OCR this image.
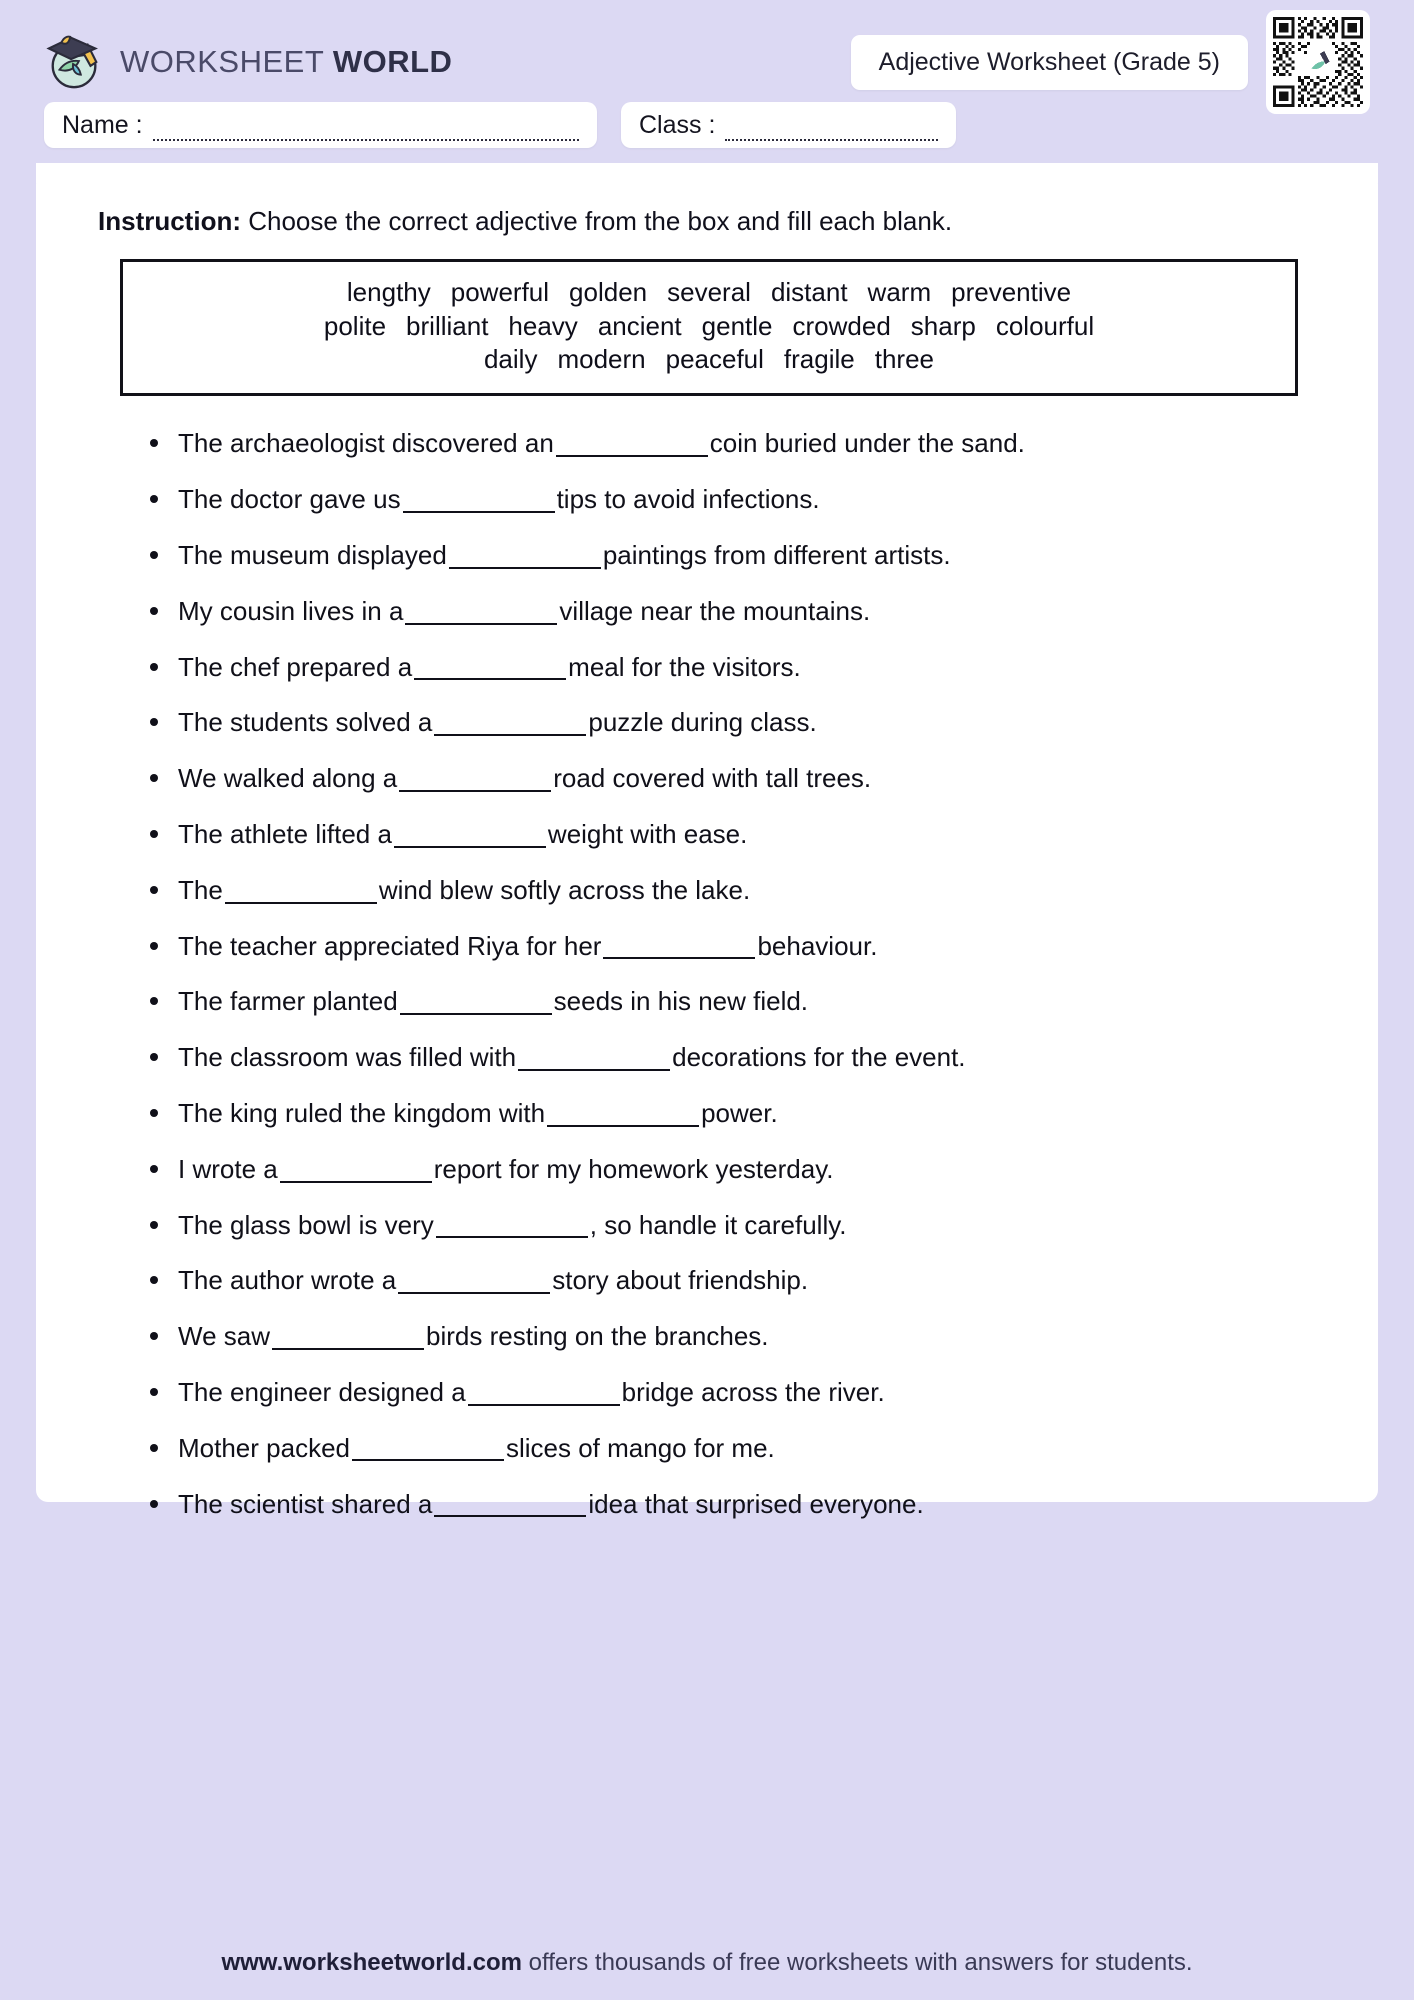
WORKSHEET WORLD	Adjective Worksheet (Grade 5)
Name :	Class :
Instruction: Choose the correct adjective from the box and fill each blank.
lengthy powerful golden several distant warm preventive
polite brilliant heavy ancient gentle crowded sharp colourful
daily modern peaceful fragile three
The archaeologist discovered an	coin buried under the sand.
The doctor gave us	tips to avoid infections.
The museum displayed	paintings from different artists.
My cousin lives in a	village near the mountains.
The chef prepared a	meal for the visitors.
The students solved a	puzzle during class.
We walked along a	road covered with tall trees.
The athlete lifted a	weight with ease.
The	wind blew softly across the lake.
The teacher appreciated Riya for her	behaviour.
The farmer planted	seeds in his new field.
The classroom was filled with	decorations for the event.
The king ruled the kingdom with	power.
I wrote a	report for my homework yesterday.
The glass bowl is very	, so handle it carefully.
The author wrote a	story about friendship.
We saw	birds resting on the branches.
The engineer designed a	bridge across the river.
Mother packed	slices of mango for me.
The scientist shared a	idea that surprised everyone.
www.worksheetworld.com offers thousands of free worksheets with answers for students.
